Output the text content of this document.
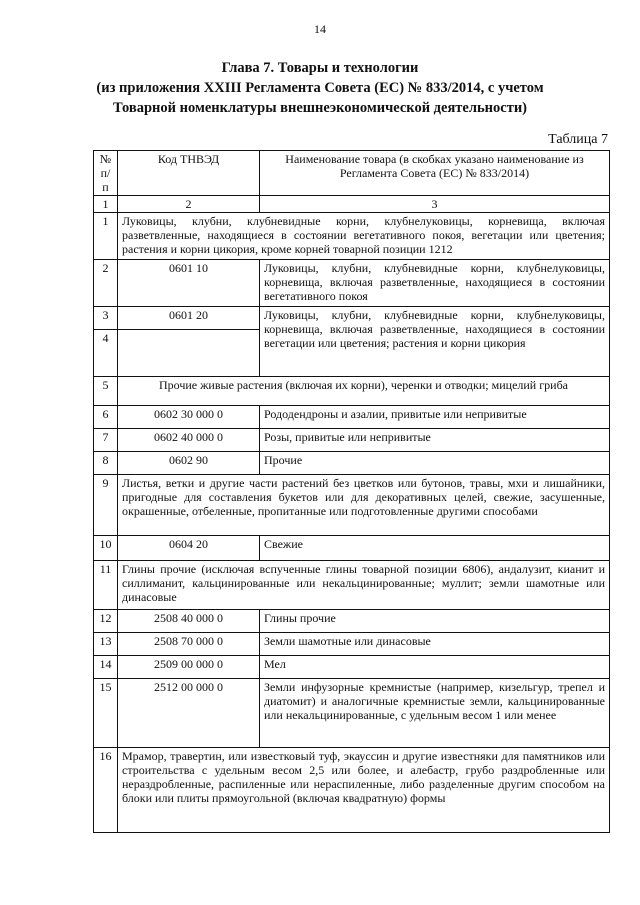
14
Глава 7. Товары и технологии
(из приложения XXIII Регламента Совета (ЕС) № 833/2014, с учетом
Товарной номенклатуры внешнеэкономической деятельности)
Таблица 7
№ п/п	Код ТНВЭД	Наименование товара (в скобках указано наименование из Регламента Совета (ЕС) № 833/2014)
1	2	3
1	Луковицы, клубни, клубневидные корни, клубнелуковицы, корневища, включая разветвленные, находящиеся в состоянии вегетативного покоя, вегетации или цветения; растения и корни цикория, кроме корней товарной позиции 1212	
2	0601 10	Луковицы, клубни, клубневидные корни, клубнелуковицы, корневища, включая разветвленные, находящиеся в состоянии вегетативного покоя
3	0601 20	Луковицы, клубни, клубневидные корни, клубнелуковицы, корневища, включая разветвленные, находящиеся в состоянии вегетации или цветения; растения и корни цикория
4		
5	Прочие живые растения (включая их корни), черенки и отводки; мицелий гриба	
6	0602 30 000 0	Рододендроны и азалии, привитые или непривитые
7	0602 40 000 0	Розы, привитые или непривитые
8	0602 90	Прочие
9	Листья, ветки и другие части растений без цветков или бутонов, травы, мхи и лишайники, пригодные для составления букетов или для декоративных целей, свежие, засушенные, окрашенные, отбеленные, пропитанные или подготовленные другими способами	
10	0604 20	Свежие
11	Глины прочие (исключая вспученные глины товарной позиции 6806), андалузит, кианит и силлиманит, кальцинированные или некальцинированные; муллит; земли шамотные или динасовые	
12	2508 40 000 0	Глины прочие
13	2508 70 000 0	Земли шамотные или динасовые
14	2509 00 000 0	Мел
15	2512 00 000 0	Земли инфузорные кремнистые (например, кизельгур, трепел и диатомит) и аналогичные кремнистые земли, кальцинированные или некальцинированные, с удельным весом 1 или менее
16	Мрамор, травертин, или известковый туф, экауссин и другие известняки для памятников или строительства с удельным весом 2,5 или более, и алебастр, грубо раздробленные или нераздробленные, распиленные или нераспиленные, либо разделенные другим способом на блоки или плиты прямоугольной (включая квадратную) формы	
